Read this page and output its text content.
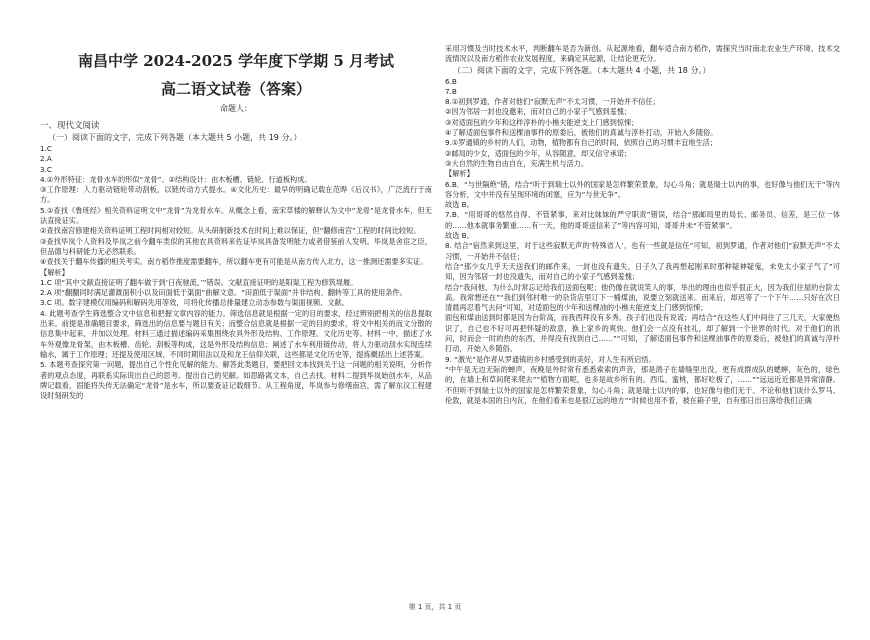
南昌中学 2024-2025 学年度下学期 5 月考试
高二语文试卷（答案）
命题人：
一、现代文阅读
（一）阅读下面的文字，完成下列各题（本大题共 5 小题，共 19 分。）
1.C
2.A
3.C
4.①外形特征：龙骨水车的形似“龙骨”。②结构设计：由木板槽、链轮、行道板构成。
③工作原理：人力驱动链轮带动刮板，以链传动方式提水。④文化历史：最早的明确记载在范晔《后汉书》，广泛流行于南方。
5.①查找《鲁班经》相关资料证明文中“龙骨”为龙骨水车。从概念上看，南宋草楼的解释认为文中“龙骨”是龙骨水车，但无法直接证实。
②查找南宫修建相关资料证明工程时间相对较短。从头研制新技术在时间上难以保证，但“翻修南宫”工程的时间比较短。
③查找毕岚个人资料及毕岚之前今翻车类似的其他农具资料来佐证毕岚具备发明能力或者借鉴前人发明。毕岚是舍宦之臣，但品德与科研能力无必然联系。
④查找关于翻车传播的相关考实。南方稻作推度需要翻车，所以翻车更有可能是从南方传入北方，这一推测还需要多实证。
【解析】
1.C 项“其中文献直接证明了翻车做于到‘日夜驰流，’”错误。文献直接证明的是阳渠工程为修筑堤堰。
2.A 项“翻翻同时满足灌溉面积小以及田面低于渠面”曲解文意。“田面低于渠面”并非结构、翻转等工具的使用条件。
3.C 项。数字建模仅用编码和解码先用等效，可将化传播总排量建立动态参数与渠面视频、文献。
4. 此题考查学生筛选整合文中信息和把握文章内容的能力。筛选信息就是根据一定的目的要求，经过辨别把相关的信息提取出来。前提是准确题目要求，筛选出的信息要与题目有关；而整合信息就是根据一定的目的要求，将文中相关的而文分散的信息集中起来，并加以处理。材料三通过描述编码采集围绕农具外形及结构、工作原理、文化历史等。材料一中，描述了水车外观像龙骨架，由木板槽、齿轮、刮板等构成，这是外形及结构信息；阐述了水车利用链传动，将人力驱动刮水实现连续输水，属于工作原理；还提及使用区域、不同时期用法以及和龙王信仰关联，这些都是文化历史等，提炼概括出上述答案。
5. 本题考查探究第一问题，提出自己个性化见解的能力。解答此类题目，要把回文本找到关于这一问题的相关说明，分析作者的观点态度，再联系实际说出自己的思考。提出自己的见解。如思路离文本，自己去找。材料二提到毕岚始创水车，从品牌记载看，固能将失传无法确定“龙骨”是水车，所以要查证记载细节。从工程角度，毕岚参与修缮南宫，需了解东汉工程建设时刻研发的
采用习惯及当时技术水平，判断翻车是否为新创。从起源地看，翻车适合南方稻作，需探究当时南北农业生产环境、技术交流情况以及南方稻作农业发展程度，来确定其起源，让结论更充分。
（二）阅读下面的文字，完成下列各题。（本大题共 4 小题，共 18 分。）
6.B
7.B
8.①初到罗通，作者对他们“寂默无声”不太习惯，一开始并不信任；
②因为邻居一封也没邀来，而对自己的小家子气感到羞愧；
③对适面包的少年和这样淳朴的小樵夫能逆支上门感到惊悚；
④了解适面包事件和送棵油事件的原委后，被他们的真诚与淳朴打动，开始入乡随俗。
9.①罗通镇的乡村的人们，动物，植物都有自己的时间，依照自己的习惯丰宜地生活；
②邮局的少女，适面包的少年，从容随意，却又信守承诺；
③大自然的生物自由自在，充满生机与活力。
【解析】
6.B．“与世隔绝”错，结合“听于到瑞士以外的国家是怎样繁荣景象，勾心斗角；就是瑞士以内的事，也好像与他们无干”等内容分析，文中并没有呈现环境的闭塞，应为“与世无争”。
故选 B。
7.B．“用哥哥的悠然自得、不管紧事，来对比妹妹的严守职责”错误，结合“那邮局里的局长、邮务员、信差，是三位一体的……他本就事务繁重……有一天，他的哥哥送信来了”等内容可知，哥哥并未“不管紧事”。
故选 B。
8. 结合“宿然来到这里，对于这些寂默无声的‘特殊省人’，也有一些就是信任”可知，初到罗通，作者对他们“寂默无声”不太习惯，一开始并不信任；
结合“那少女几乎天天送我们的邮件来，一封也没有遗失，日子久了我再想起刚来时那种疑神疑鬼，未免太小家子气了”可知，因为邻居一封也没遗失，而对自己的小家子气感到羞愧；
结合“我问他，为什么时常忘记给我们送面包呢；他仍像在就说笑人的事，举出的理由也似乎很正大，因为我们住屋的台阶太高。我常想还在”“我们到邻村唯一的杂货店里订下一桶煤油，说要立刻就送来。而来后，却迟等了一个下午……只好在次日清晨再忍着气去问”可知，对适面包的少年和送棵油的小樵夫能逆支上门感到惊悚；
面包和煤油送到时都是因为台阶高，而我西拜没有多秀。孩子们也没有说谎；再结合“在这些人们中间住了三几天，大家便热识了，自己也不好可再把怀疑的敌意，换上家乡的爽快。他们会一点没有挂礼，却了解到一个世界的时代。对于他们的讯问，时而会一时的热的东西，并得没有找到自己……”“可知，了解适面包事件和送棵油事件的原委后，被他们的真诚与淳朴打动，开始入乡随俗。
9. “激光”是作者从罗通镇的乡村感受到的美好，对人生有所启悟。
“中午是无边无际的蝉声，夜晚是外时常有悉悉索索的声音，那是鸽子在墙缝里出没，更有成群成队的蟋蟀，灰色的，绿色的，在墙上和草间爬来爬去”“植物方面呢，也多是故乡所有的。西瓜、蜜桃，都好吃极了，……”“远远近近都是异常清静。不但听不到瑞士以外的国家是怎样繁荣景象，勾心斗角；就是瑞士以内的事，也好像与他们无干。不论和他们谈什么罗马、伦敦，就是本国的日内瓦，在他们看来也是很辽远的地方”“时候也用不着，被在箱子里，自有那日出日落给我们正确
第 1 页，共 1 页
